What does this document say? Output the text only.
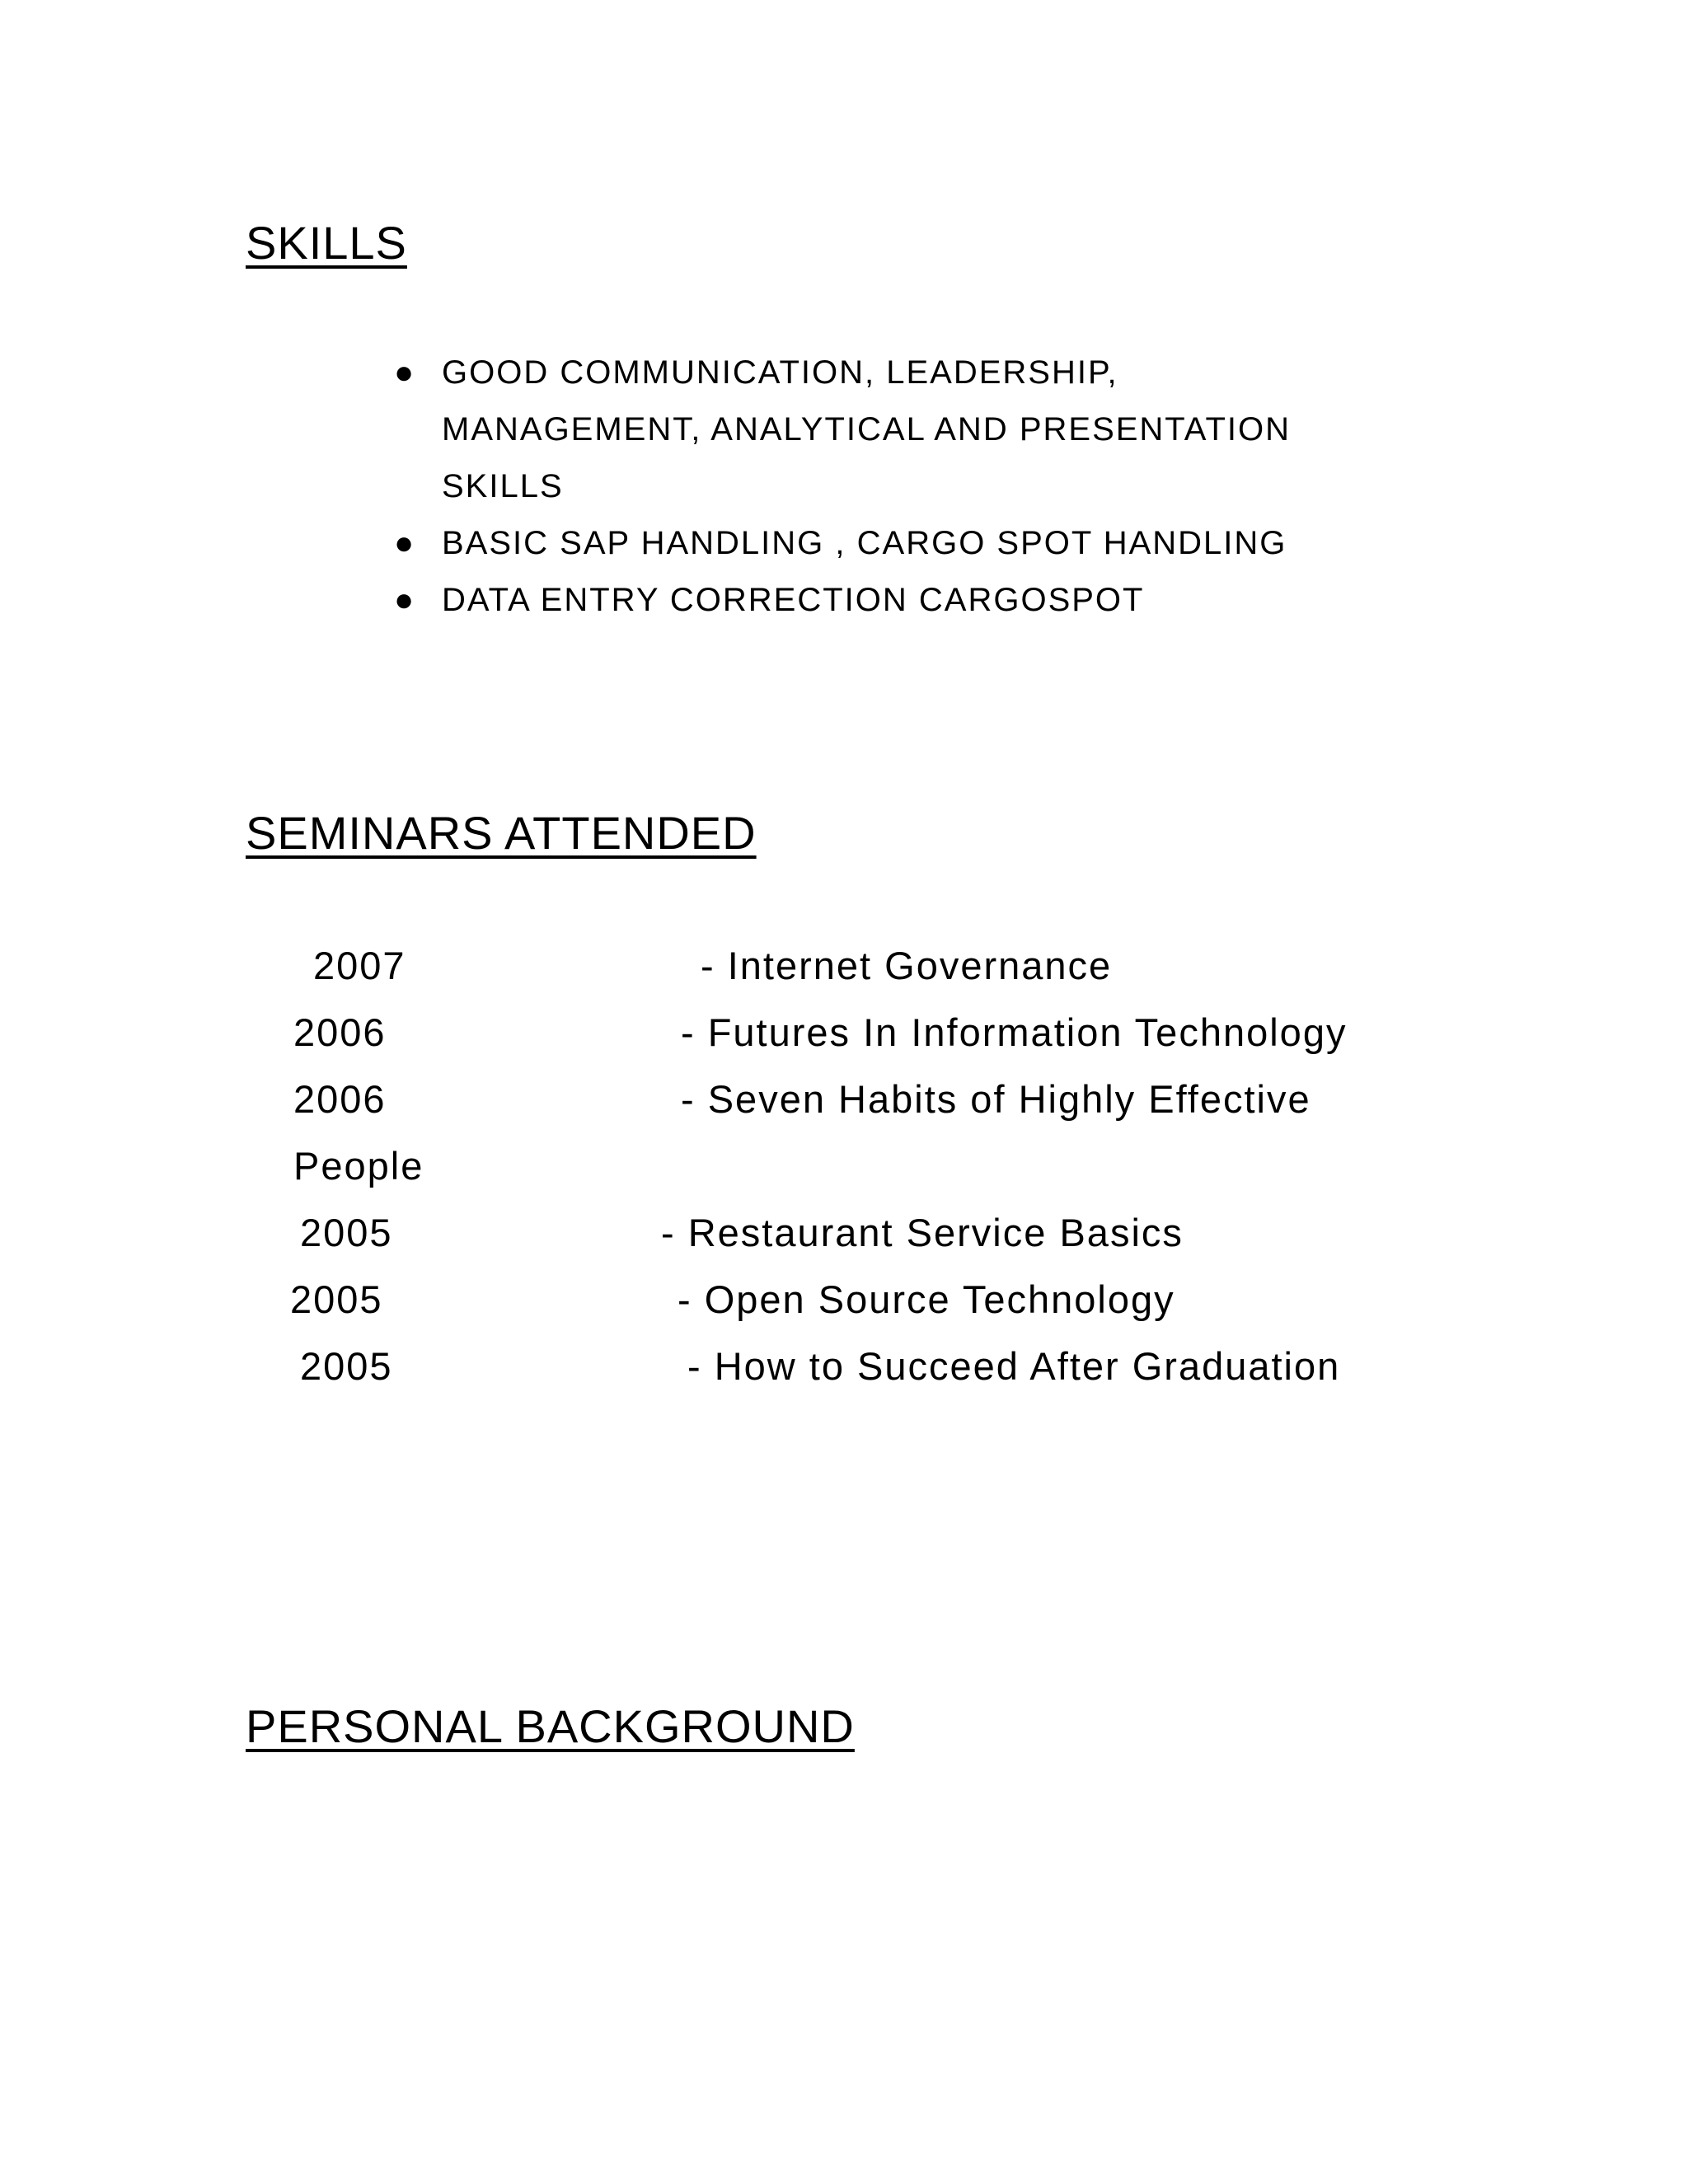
SKILLS
● GOOD COMMUNICATION, LEADERSHIP, MANAGEMENT, ANALYTICAL AND PRESENTATION SKILLS
● BASIC SAP HANDLING , CARGO SPOT HANDLING
● DATA ENTRY CORRECTION CARGOSPOT
SEMINARS ATTENDED
2007	- Internet Governance
2006	- Futures In Information Technology
2006	- Seven Habits of Highly Effective
People
2005	- Restaurant Service Basics
2005	- Open Source Technology
2005	- How to Succeed After Graduation
PERSONAL BACKGROUND
